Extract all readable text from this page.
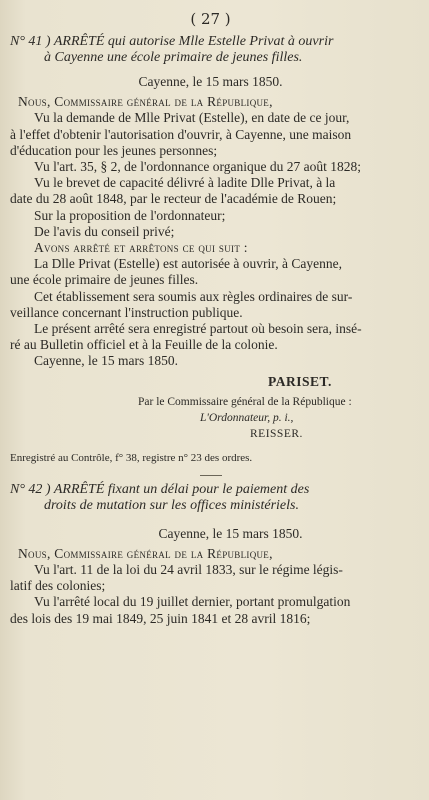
( 27 )
N° 41 ) ARRÊTÉ qui autorise Mlle Estelle Privat à ouvrir
à Cayenne une école primaire de jeunes filles.
Cayenne, le 15 mars 1850.
Nous, Commissaire général de la République,
Vu la demande de Mlle Privat (Estelle), en date de ce jour,
à l'effet d'obtenir l'autorisation d'ouvrir, à Cayenne, une maison
d'éducation pour les jeunes personnes;
Vu l'art. 35, § 2, de l'ordonnance organique du 27 août 1828;
Vu le brevet de capacité délivré à ladite Dlle Privat, à la
date du 28 août 1848, par le recteur de l'académie de Rouen;
Sur la proposition de l'ordonnateur;
De l'avis du conseil privé;
Avons arrêté et arrêtons ce qui suit :
La Dlle Privat (Estelle) est autorisée à ouvrir, à Cayenne,
une école primaire de jeunes filles.
Cet établissement sera soumis aux règles ordinaires de sur-
veillance concernant l'instruction publique.
Le présent arrêté sera enregistré partout où besoin sera, insé-
ré au Bulletin officiel et à la Feuille de la colonie.
Cayenne, le 15 mars 1850.
PARISET.
Par le Commissaire général de la République :
L'Ordonnateur, p. i.,
REISSER.
Enregistré au Contrôle, f° 38, registre n° 23 des ordres.
N° 42 ) ARRÊTÉ fixant un délai pour le paiement des
droits de mutation sur les offices ministériels.
Cayenne, le 15 mars 1850.
Nous, Commissaire général de la République,
Vu l'art. 11 de la loi du 24 avril 1833, sur le régime légis-
latif des colonies;
Vu l'arrêté local du 19 juillet dernier, portant promulgation
des lois des 19 mai 1849, 25 juin 1841 et 28 avril 1816;
